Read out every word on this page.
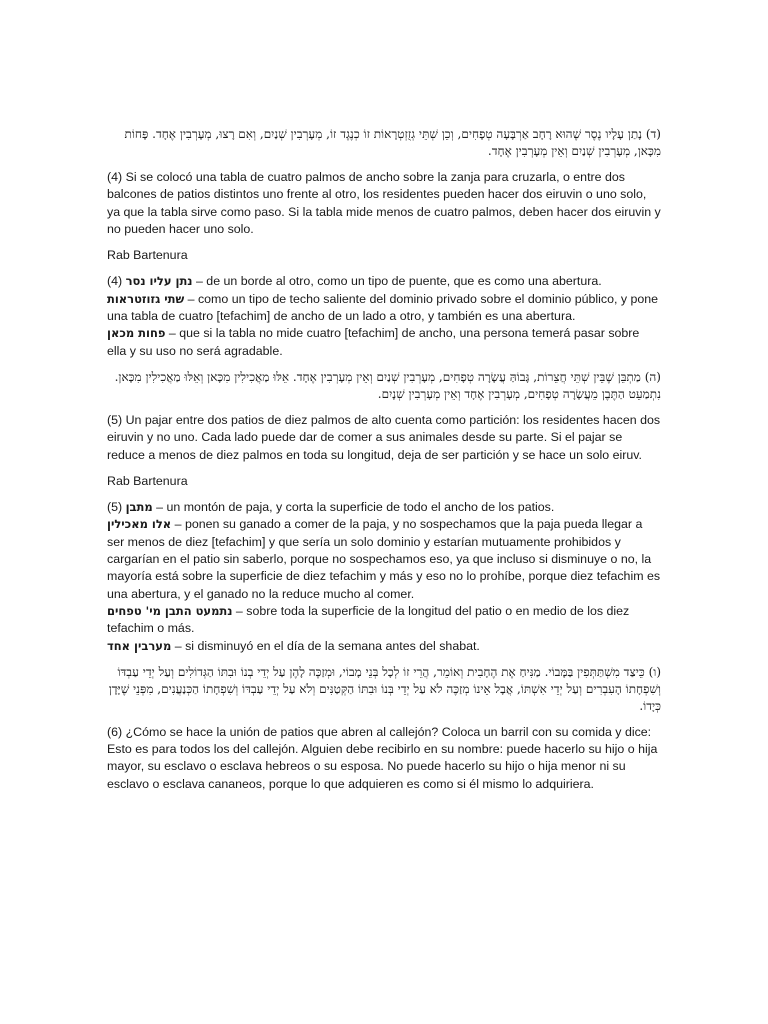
(ד) נָתַן עָלָיו נֶסֶר שֶׁהוּא רָחָב אַרְבָּעָה טְפָחִים, וְכֵן שְׁתֵּי גְזֻזְטְרָאוֹת זוֹ כְנֶגֶד זוֹ, מְעָרְבִין שְׁנַיִם, וְאִם רָצוּ, מְעָרְבִין אֶחָד. פָּחוֹת מִכָּאן, מְעָרְבִין שְׁנַיִם וְאֵין מְעָרְבִין אֶחָד.
(4) Si se colocó una tabla de cuatro palmos de ancho sobre la zanja para cruzarla, o entre dos balcones de patios distintos uno frente al otro, los residentes pueden hacer dos eiruvin o uno solo, ya que la tabla sirve como paso. Si la tabla mide menos de cuatro palmos, deben hacer dos eiruvin y no pueden hacer uno solo.
Rab Bartenura

(4) נתן עליו נסר – de un borde al otro, como un tipo de puente, que es como una abertura.

שתי גזוזטראות – como un tipo de techo saliente del dominio privado sobre el dominio público, y pone una tabla de cuatro [tefachim] de ancho de un lado a otro, y también es una abertura.

פחות מכאן – que si la tabla no mide cuatro [tefachim] de ancho, una persona temerá pasar sobre ella y su uso no será agradable.

(ה) מַתְבֵּן שֶׁבֵּין שְׁתֵּי חֲצֵרוֹת, גָּבוֹהַּ עֲשָׂרָה טְפָחִים, מְעָרְבִין שְׁנַיִם וְאֵין מְעָרְבִין אֶחָד. אֵלּוּ מַאֲכִילִין מִכָּאן וְאֵלּוּ מַאֲכִילִין מִכָּאן. נִתְמַעֵט הַתֶּבֶן מֵעֲשָׂרָה טְפָחִים, מְעָרְבִין אֶחָד וְאֵין מְעָרְבִין שְׁנָיִם.
(5) Un pajar entre dos patios de diez palmos de alto cuenta como partición: los residentes hacen dos eiruvin y no uno. Cada lado puede dar de comer a sus animales desde su parte. Si el pajar se reduce a menos de diez palmos en toda su longitud, deja de ser partición y se hace un solo eiruv.
Rab Bartenura

(5) מתבן – un montón de paja, y corta la superficie de todo el ancho de los patios.

אלו מאכילין – ponen su ganado a comer de la paja, y no sospechamos que la paja pueda llegar a ser menos de diez [tefachim] y que sería un solo dominio y estarían mutuamente prohibidos y cargarían en el patio sin saberlo, porque no sospechamos eso, ya que incluso si disminuye o no, la mayoría está sobre la superficie de diez tefachim y más y eso no lo prohíbe, porque diez tefachim es una abertura, y el ganado no la reduce mucho al comer.

נתמעט התבן מי' טפחים – sobre toda la superficie de la longitud del patio o en medio de los diez tefachim o más.

מערבין אחד – si disminuyó en el día de la semana antes del shabat.

(ו) כֵּיצַד מִשְׁתַּתְּפִין בַּמָּבוֹי. מַנִּיחַ אֶת הֶחָבִית וְאוֹמֵר, הֲרֵי זוֹ לְכָל בְּנֵי מָבוֹי, וּמְזַכֶּה לָהֶן עַל יְדֵי בְנוֹ וּבִתּוֹ הַגְּדוֹלִים וְעַל יְדֵי עַבְדּוֹ וְשִׁפְחָתוֹ הָעִבְרִים וְעַל יְדֵי אִשְׁתּוֹ, אֲבָל אֵינוֹ מְזַכֶּה לֹא עַל יְדֵי בְּנוֹ וּבִתּוֹ הַקְּטַנִּים וְלֹא עַל יְדֵי עַבְדּוֹ וְשִׁפְחָתוֹ הַכְּנַעֲנִים, מִפְּנֵי שֶׁיָּדָן כְּיָדוֹ.
(6) ¿Cómo se hace la unión de patios que abren al callejón? Coloca un barril con su comida y dice: Esto es para todos los del callejón. Alguien debe recibirlo en su nombre: puede hacerlo su hijo o hija mayor, su esclavo o esclava hebreos o su esposa. No puede hacerlo su hijo o hija menor ni su esclavo o esclava cananeos, porque lo que adquieren es como si él mismo lo adquiriera.
